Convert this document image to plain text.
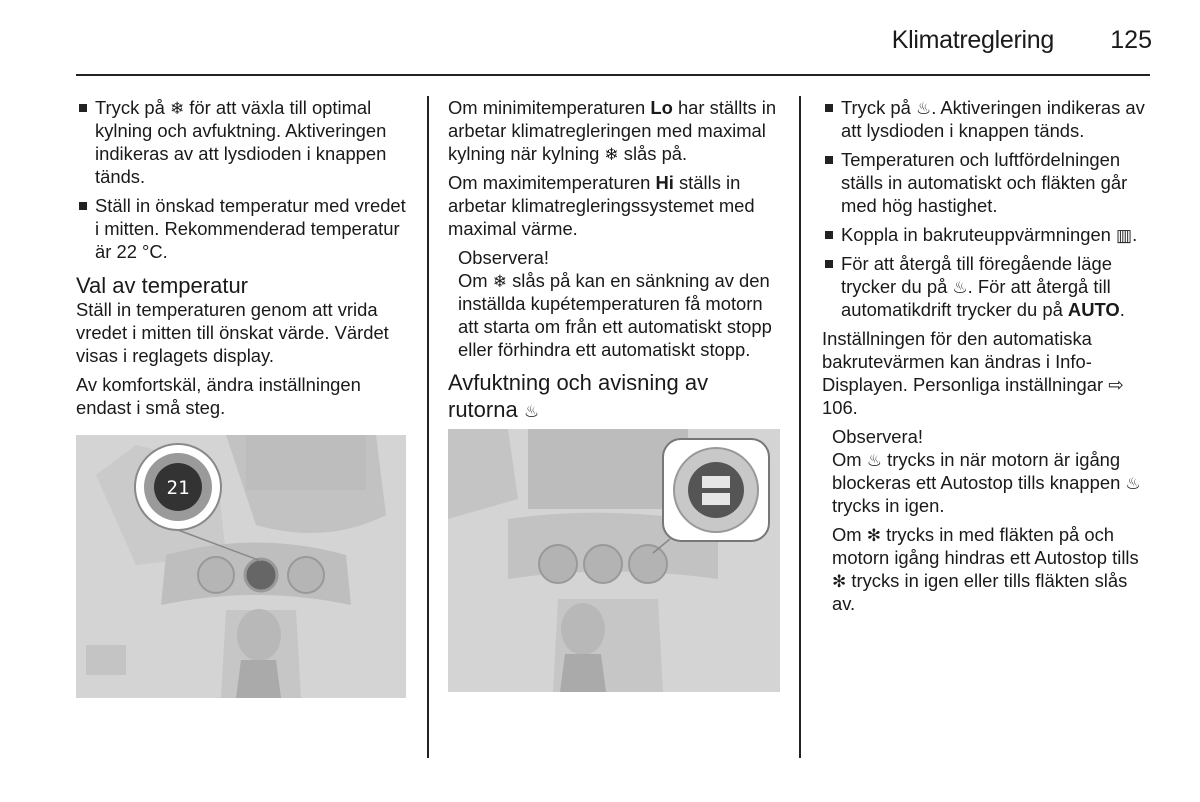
Klimatreglering 125
Tryck på ❄ för att växla till optimal kylning och avfuktning. Aktiveringen indikeras av att lysdioden i knappen tänds.
Ställ in önskad temperatur med vredet i mitten. Rekommenderad temperatur är 22 °C.
Val av temperatur

Ställ in temperaturen genom att vrida vredet i mitten till önskat värde. Värdet visas i reglagets display.

Av komfortskäl, ändra inställningen endast i små steg.

21

Om minimitemperaturen Lo har ställts in arbetar klimatregleringen med maximal kylning när kylning ❄ slås på.

Om maximitemperaturen Hi ställs in arbetar klimatregleringssystemet med maximal värme.

Observera!

Om ❄ slås på kan en sänkning av den inställda kupétemperaturen få motorn att starta om från ett automatiskt stopp eller förhindra ett automatiskt stopp.

Avfuktning och avisning av rutorna ♨
Tryck på ♨. Aktiveringen indikeras av att lysdioden i knappen tänds.
Temperaturen och luftfördelningen ställs in automatiskt och fläkten går med hög hastighet.
Koppla in bakruteuppvärmningen ▥.
För att återgå till föregående läge trycker du på ♨. För att återgå till automatikdrift trycker du på AUTO.

Inställningen för den automatiska bakrutevärmen kan ändras i Info-Displayen. Personliga inställningar ⇨ 106.

Observera!

Om ♨ trycks in när motorn är igång blockeras ett Autostop tills knappen ♨ trycks in igen.

Om ✻ trycks in med fläkten på och motorn igång hindras ett Autostop tills ✻ trycks in igen eller tills fläkten slås av.
